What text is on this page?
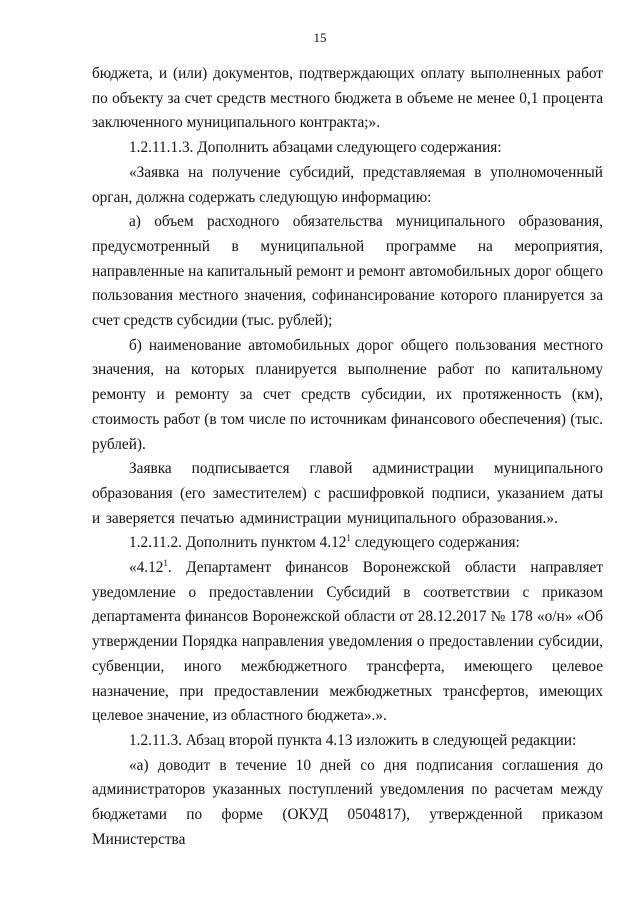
15

бюджета, и (или) документов, подтверждающих оплату выполненных работ по объекту за счет средств местного бюджета в объеме не менее 0,1 процента заключенного муниципального контракта;».

1.2.11.1.3. Дополнить абзацами следующего содержания:

«Заявка на получение субсидий, представляемая в уполномоченный орган, должна содержать следующую информацию:

а) объем расходного обязательства муниципального образования, предусмотренный в муниципальной программе на мероприятия, направленные на капитальный ремонт и ремонт автомобильных дорог общего пользования местного значения, софинансирование которого планируется за счет средств субсидии (тыс. рублей);

б) наименование автомобильных дорог общего пользования местного значения, на которых планируется выполнение работ по капитальному ремонту и ремонту за счет средств субсидии, их протяженность (км), стоимость работ (в том числе по источникам финансового обеспечения) (тыс. рублей).

Заявка подписывается главой администрации муниципального образования (его заместителем) с расшифровкой подписи, указанием даты и заверяется печатью администрации муниципального образования.».

1.2.11.2. Дополнить пунктом 4.12$^1$ следующего содержания:

«4.12$^1$. Департамент финансов Воронежской области направляет уведомление о предоставлении Субсидий в соответствии с приказом департамента финансов Воронежской области от 28.12.2017 № 178 «о/н» «Об утверждении Порядка направления уведомления о предоставлении субсидии, субвенции, иного межбюджетного трансферта, имеющего целевое назначение, при предоставлении межбюджетных трансфертов, имеющих целевое значение, из областного бюджета».».

1.2.11.3. Абзац второй пункта 4.13 изложить в следующей редакции:

«а) доводит в течение 10 дней со дня подписания соглашения до администраторов указанных поступлений уведомления по расчетам между бюджетами по форме (ОКУД 0504817), утвержденной приказом Министерства
